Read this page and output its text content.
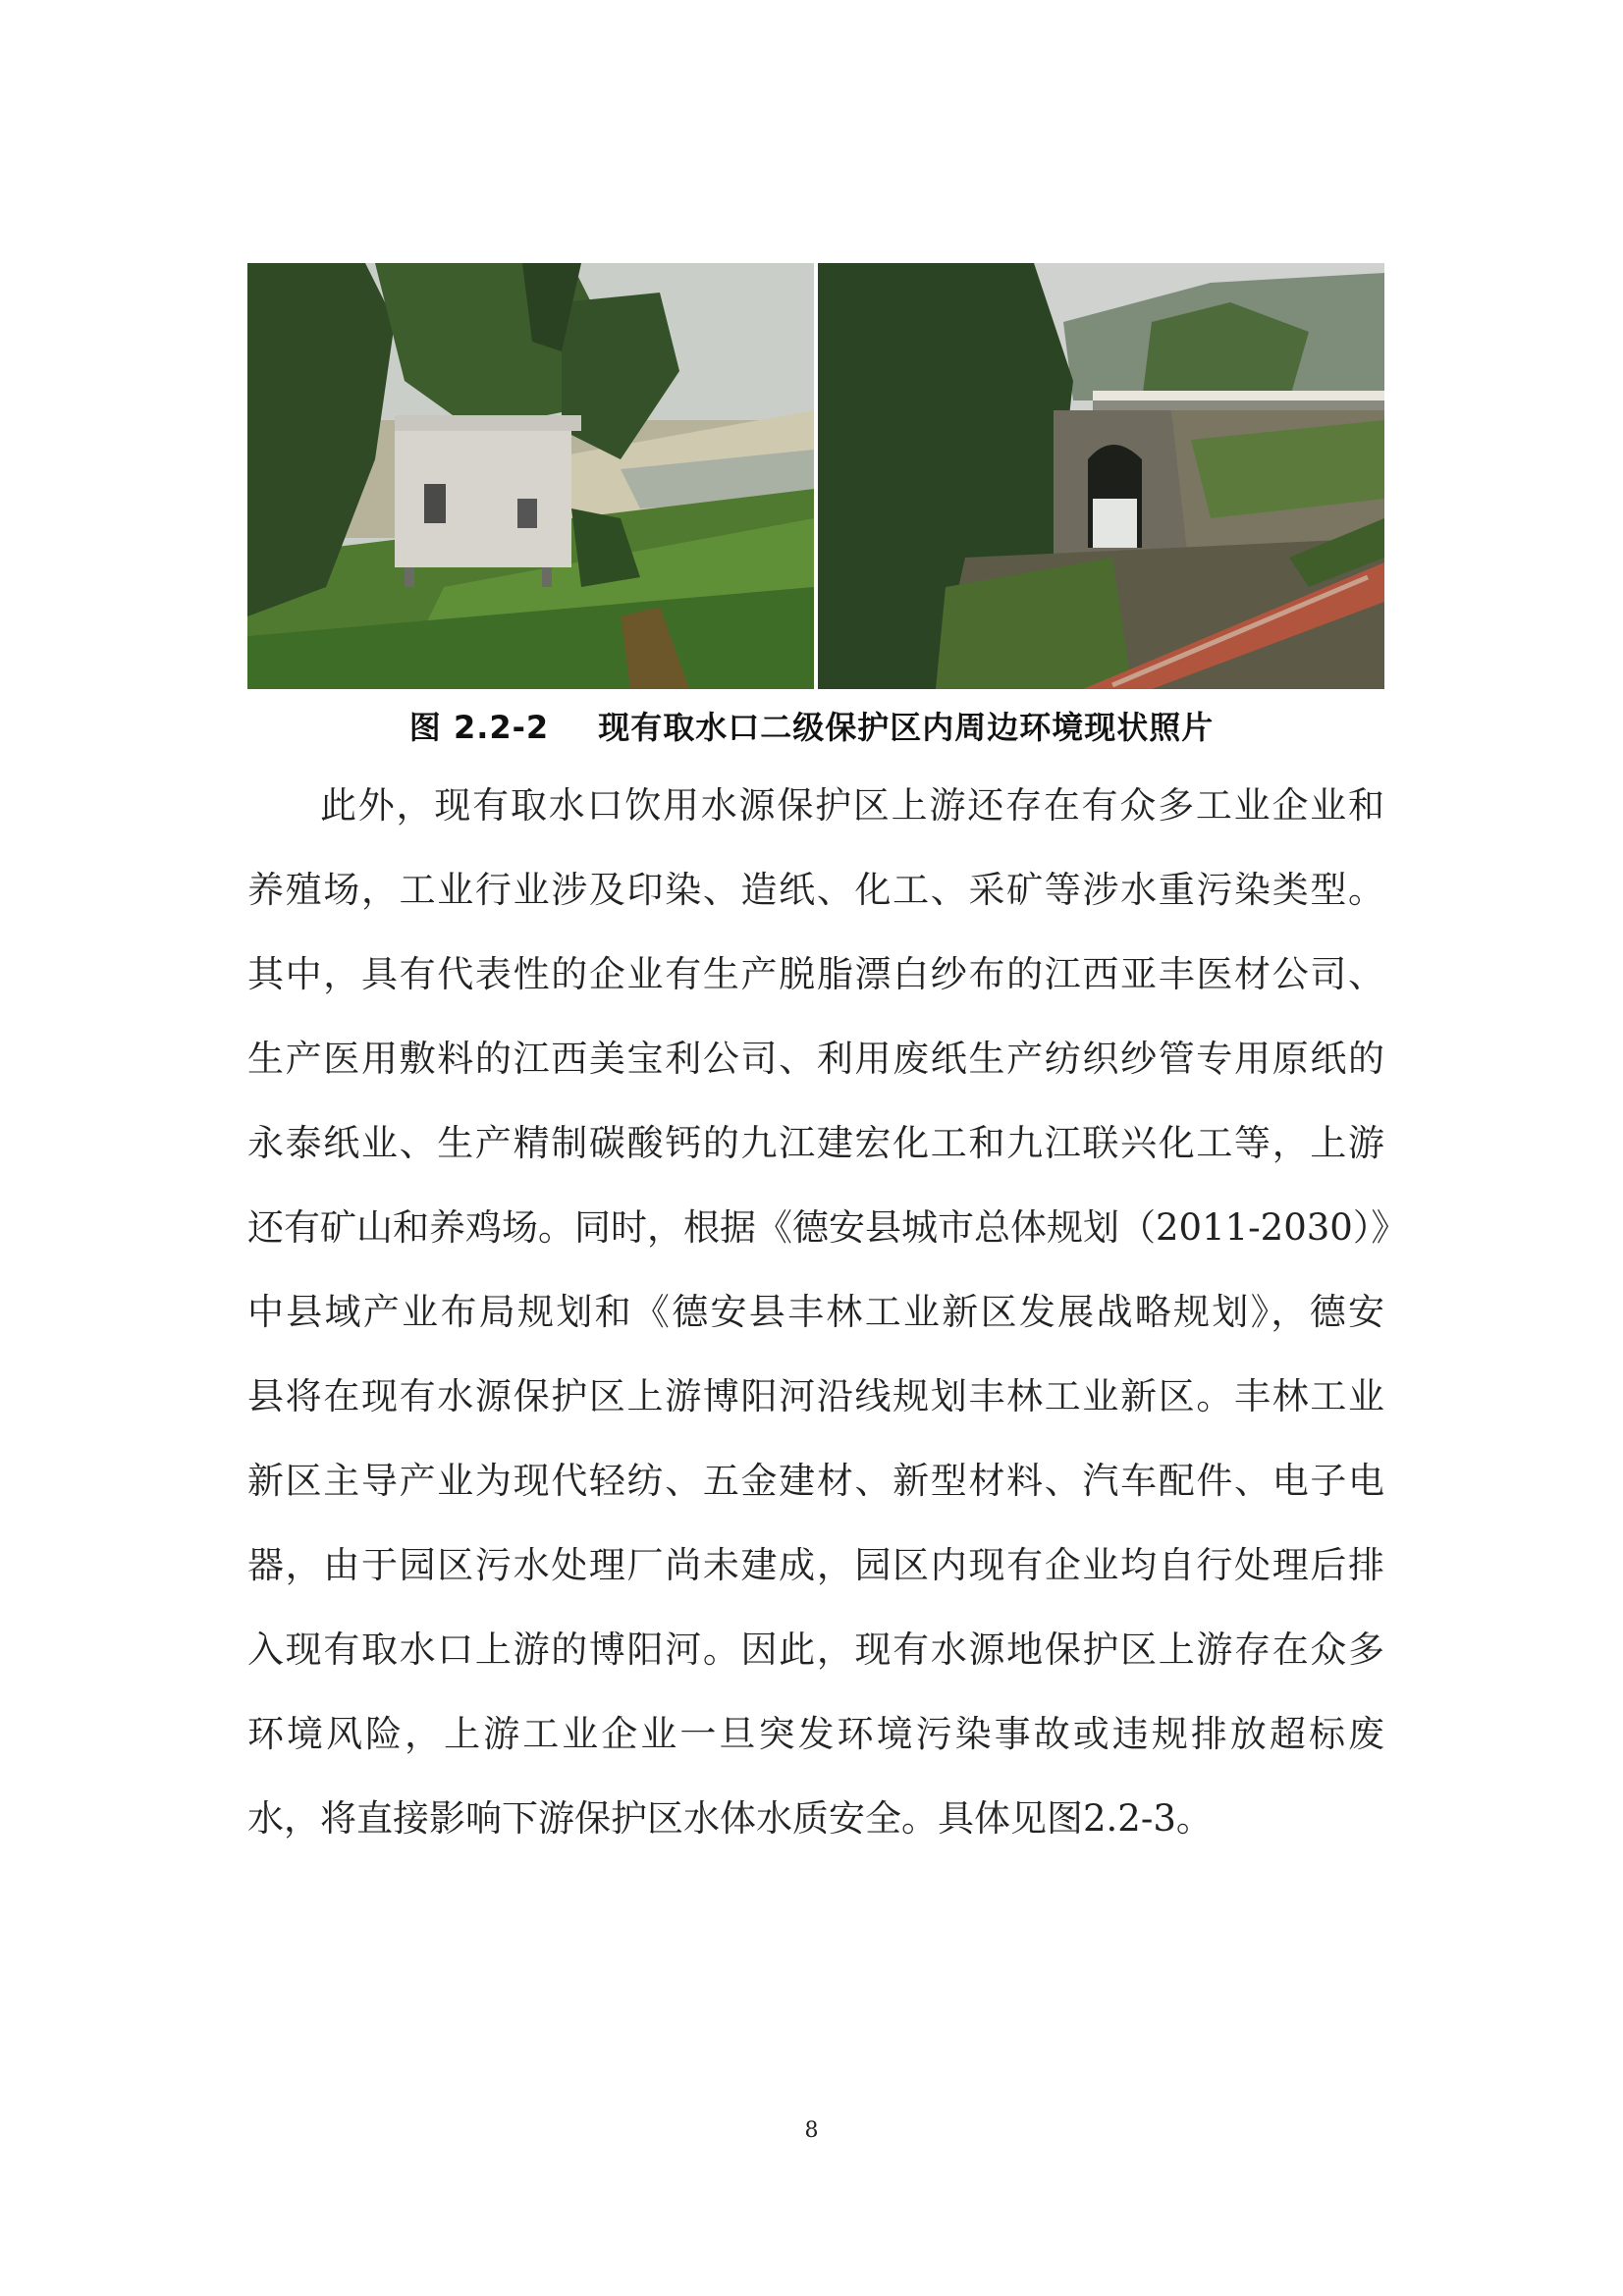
图 2.2-2 现有取水口二级保护区内周边环境现状照片
此外，现有取水口饮用水源保护区上游还存在有众多工业企业和
养殖场，工业行业涉及印染、造纸、化工、采矿等涉水重污染类型。
其中，具有代表性的企业有生产脱脂漂白纱布的江西亚丰医材公司、
生产医用敷料的江西美宝利公司、利用废纸生产纺织纱管专用原纸的
永泰纸业、生产精制碳酸钙的九江建宏化工和九江联兴化工等，上游
还有矿山和养鸡场。同时，根据《德安县城市总体规划（2011-2030）》
中县域产业布局规划和《德安县丰林工业新区发展战略规划》，德安
县将在现有水源保护区上游博阳河沿线规划丰林工业新区。丰林工业
新区主导产业为现代轻纺、五金建材、新型材料、汽车配件、电子电
器，由于园区污水处理厂尚未建成，园区内现有企业均自行处理后排
入现有取水口上游的博阳河。因此，现有水源地保护区上游存在众多
环境风险，上游工业企业一旦突发环境污染事故或违规排放超标废
水，将直接影响下游保护区水体水质安全。具体见图2.2-3。
8
